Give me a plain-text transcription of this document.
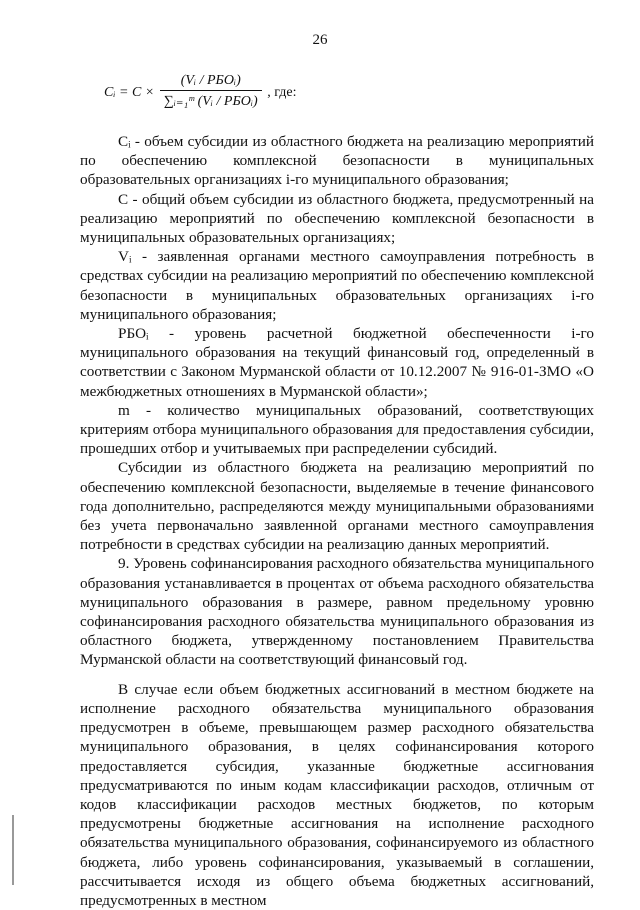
26
Cᵢ = $C \times \frac{\text{(Vᵢ / РБОᵢ)}}{\text{∑ᵢ₌₁ᵐ (Vᵢ / РБОᵢ)}}$ , где:

Cᵢ - объем субсидии из областного бюджета на реализацию мероприятий по обеспечению комплексной безопасности в муниципальных образовательных организациях i-го муниципального образования;

C - общий объем субсидии из областного бюджета, предусмотренный на реализацию мероприятий по обеспечению комплексной безопасности в муниципальных образовательных организациях;

Vᵢ - заявленная органами местного самоуправления потребность в средствах субсидии на реализацию мероприятий по обеспечению комплексной безопасности в муниципальных образовательных организациях i-го муниципального образования;

РБОᵢ - уровень расчетной бюджетной обеспеченности i-го муниципального образования на текущий финансовый год, определенный в соответствии с Законом Мурманской области от 10.12.2007 № 916-01-ЗМО «О межбюджетных отношениях в Мурманской области»;

m - количество муниципальных образований, соответствующих критериям отбора муниципального образования для предоставления субсидии, прошедших отбор и учитываемых при распределении субсидий.

Субсидии из областного бюджета на реализацию мероприятий по обеспечению комплексной безопасности, выделяемые в течение финансового года дополнительно, распределяются между муниципальными образованиями без учета первоначально заявленной органами местного самоуправления потребности в средствах субсидии на реализацию данных мероприятий.

9. Уровень софинансирования расходного обязательства муниципального образования устанавливается в процентах от объема расходного обязательства муниципального образования в размере, равном предельному уровню софинансирования расходного обязательства муниципального образования из областного бюджета, утвержденному постановлением Правительства Мурманской области на соответствующий финансовый год.

В случае если объем бюджетных ассигнований в местном бюджете на исполнение расходного обязательства муниципального образования предусмотрен в объеме, превышающем размер расходного обязательства муниципального образования, в целях софинансирования которого предоставляется субсидия, указанные бюджетные ассигнования предусматриваются по иным кодам классификации расходов, отличным от кодов классификации расходов местных бюджетов, по которым предусмотрены бюджетные ассигнования на исполнение расходного обязательства муниципального образования, софинансируемого из областного бюджета, либо уровень софинансирования, указываемый в соглашении, рассчитывается исходя из общего объема бюджетных ассигнований, предусмотренных в местном
